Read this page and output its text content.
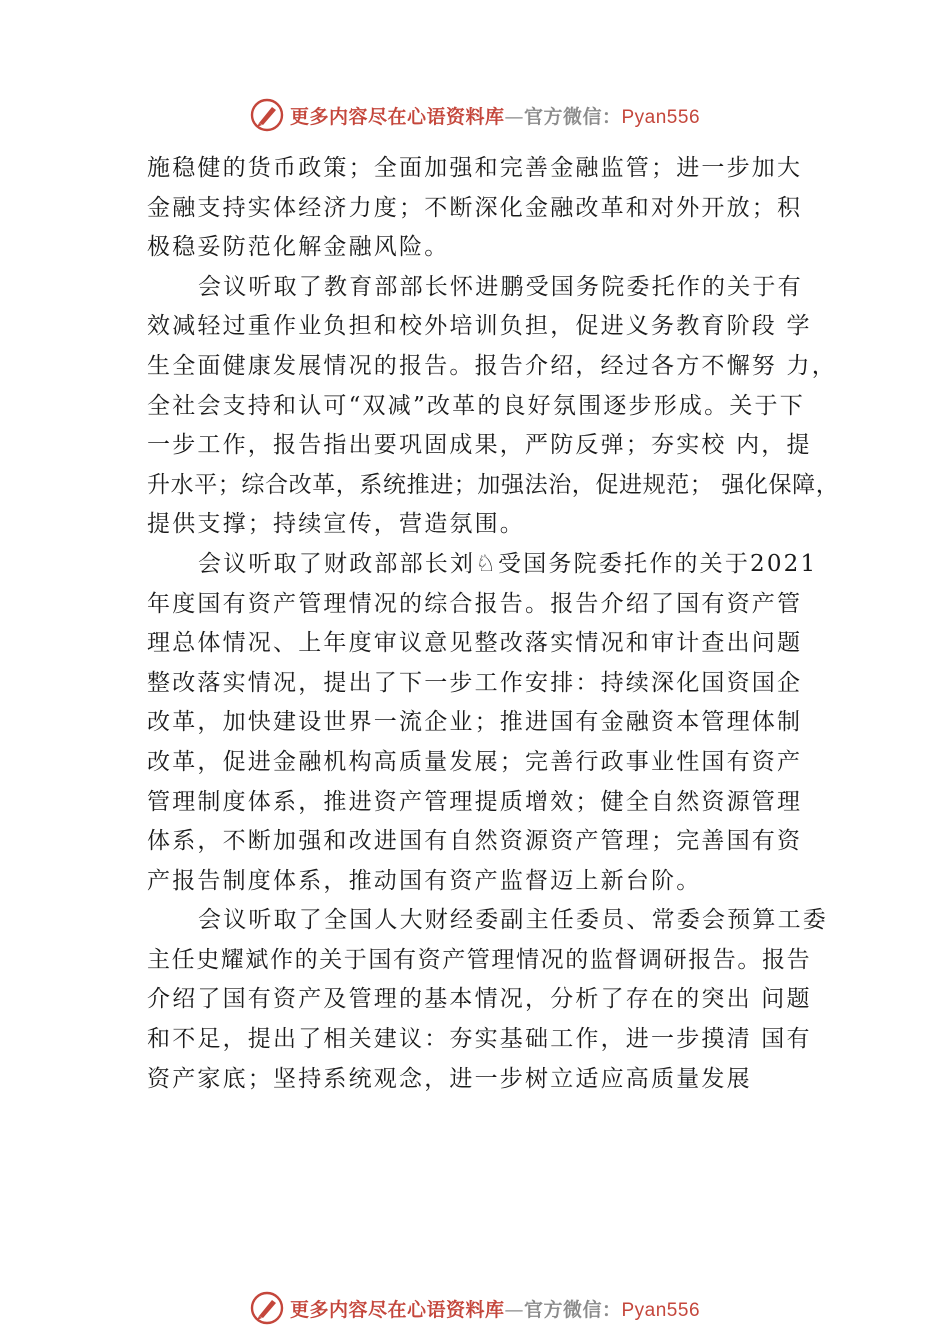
更多内容尽在心语资料库—官方微信：Pyan556
施稳健的货币政策；全面加强和完善金融监管；进一步加大
金融支持实体经济力度；不断深化金融改革和对外开放；积
极稳妥防范化解金融风险。
会议听取了教育部部长怀进鹏受国务院委托作的关于有
效减轻过重作业负担和校外培训负担，促进义务教育阶段 学
生全面健康发展情况的报告。报告介绍，经过各方不懈努 力，
全社会支持和认可“双减”改革的良好氛围逐步形成。关于下
一步工作，报告指出要巩固成果，严防反弹；夯实校 内，提
升水平；综合改革，系统推进；加强法治，促进规范； 强化保障，
提供支撑；持续宣传，营造氛围。
会议听取了财政部部长刘♘受国务院委托作的关于2021
年度国有资产管理情况的综合报告。报告介绍了国有资产管
理总体情况、上年度审议意见整改落实情况和审计查出问题
整改落实情况，提出了下一步工作安排：持续深化国资国企
改革，加快建设世界一流企业；推进国有金融资本管理体制
改革，促进金融机构高质量发展；完善行政事业性国有资产
管理制度体系，推进资产管理提质增效；健全自然资源管理
体系，不断加强和改进国有自然资源资产管理；完善国有资
产报告制度体系，推动国有资产监督迈上新台阶。
会议听取了全国人大财经委副主任委员、常委会预算工委
主任史耀斌作的关于国有资产管理情况的监督调研报告。报告
介绍了国有资产及管理的基本情况，分析了存在的突出 问题
和不足，提出了相关建议：夯实基础工作，进一步摸清 国有
资产家底；坚持系统观念，进一步树立适应高质量发展
更多内容尽在心语资料库—官方微信：Pyan556
